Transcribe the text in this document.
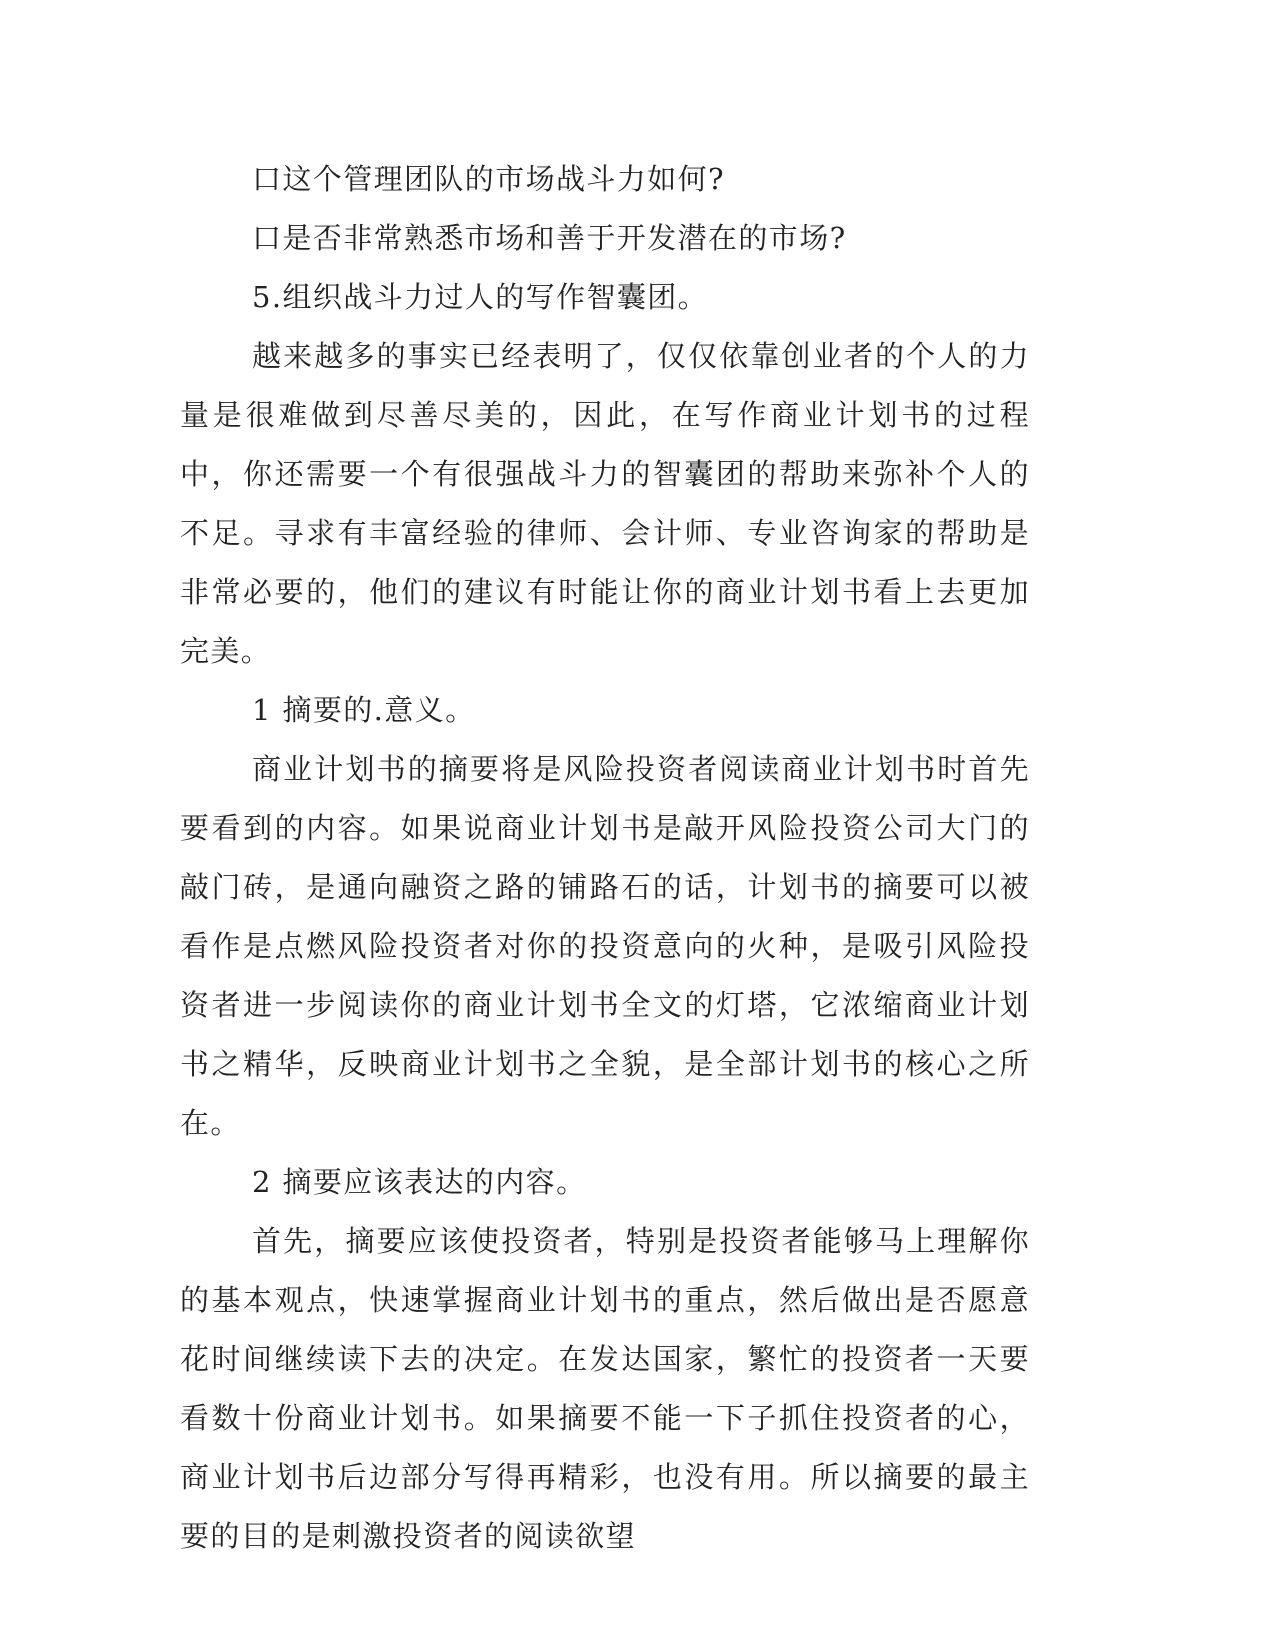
口这个管理团队的市场战斗力如何?

口是否非常熟悉市场和善于开发潜在的市场?

5.组织战斗力过人的写作智囊团。

越来越多的事实已经表明了，仅仅依靠创业者的个人的力量是很难做到尽善尽美的，因此，在写作商业计划书的过程中，你还需要一个有很强战斗力的智囊团的帮助来弥补个人的不足。寻求有丰富经验的律师、会计师、专业咨询家的帮助是非常必要的，他们的建议有时能让你的商业计划书看上去更加完美。

1 摘要的.意义。

商业计划书的摘要将是风险投资者阅读商业计划书时首先要看到的内容。如果说商业计划书是敲开风险投资公司大门的敲门砖，是通向融资之路的铺路石的话，计划书的摘要可以被看作是点燃风险投资者对你的投资意向的火种，是吸引风险投资者进一步阅读你的商业计划书全文的灯塔，它浓缩商业计划书之精华，反映商业计划书之全貌，是全部计划书的核心之所在。

2 摘要应该表达的内容。

首先，摘要应该使投资者，特别是投资者能够马上理解你的基本观点，快速掌握商业计划书的重点，然后做出是否愿意花时间继续读下去的决定。在发达国家，繁忙的投资者一天要看数十份商业计划书。如果摘要不能一下子抓住投资者的心，商业计划书后边部分写得再精彩，也没有用。所以摘要的最主要的目的是刺激投资者的阅读欲望
